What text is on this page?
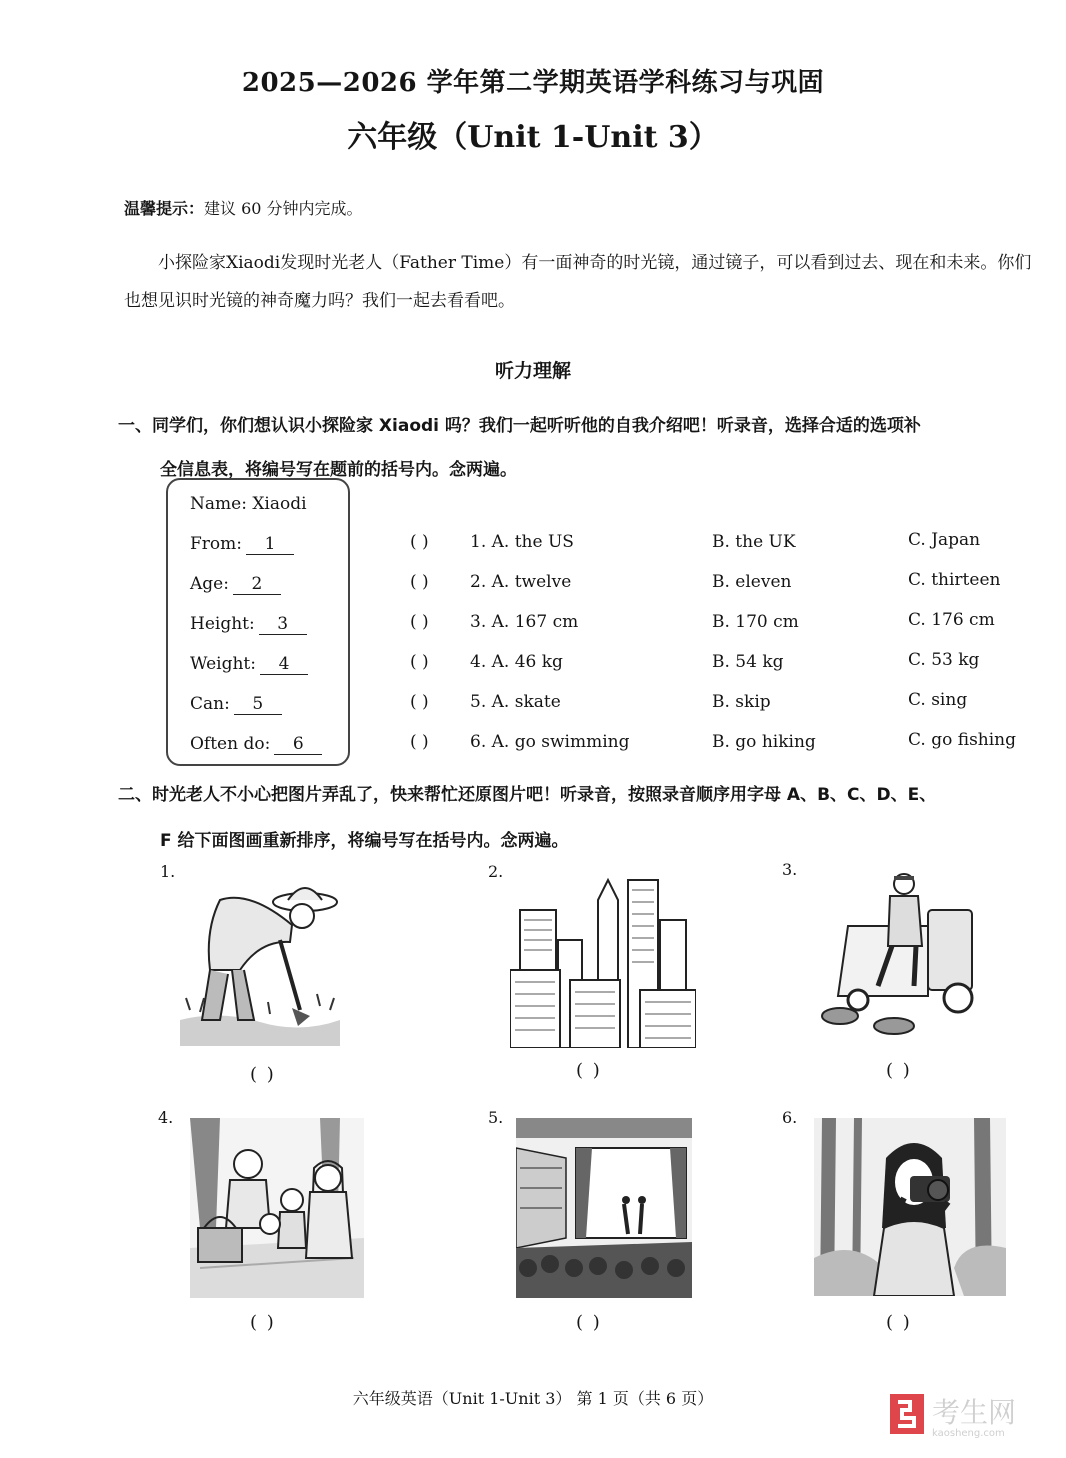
2025—2026 学年第二学期英语学科练习与巩固
六年级（Unit 1-Unit 3）
温馨提示：建议 60 分钟内完成。
小探险家Xiaodi发现时光老人（Father Time）有一面神奇的时光镜，通过镜子，可以看到过去、现在和未来。你们也想见识时光镜的神奇魔力吗？我们一起去看看吧。
听力理解
一、同学们，你们想认识小探险家 Xiaodi 吗？我们一起听听他的自我介绍吧！听录音，选择合适的选项补
全信息表，将编号写在题前的括号内。念两遍。
Name: Xiaodi
From: 1
Age: 2
Height: 3
Weight: 4
Can: 5
Often do: 6
( ) 1. A. the US	B. the UK	C. Japan
( ) 2. A. twelve	B. eleven	C. thirteen
( ) 3. A. 167 cm	B. 170 cm	C. 176 cm
( ) 4. A. 46 kg	B. 54 kg	C. 53 kg
( ) 5. A. skate	B. skip	C. sing
( ) 6. A. go swimming	B. go hiking	C. go fishing
二、时光老人不小心把图片弄乱了，快来帮忙还原图片吧！听录音，按照录音顺序用字母 A、B、C、D、E、
F 给下面图画重新排序，将编号写在括号内。念两遍。
1.
( )
2.
( )
3.
( )
4.
( )
5.
( )
6.
( )
六年级英语（Unit 1-Unit 3） 第 1 页（共 6 页）	考生网
kaosheng.com
